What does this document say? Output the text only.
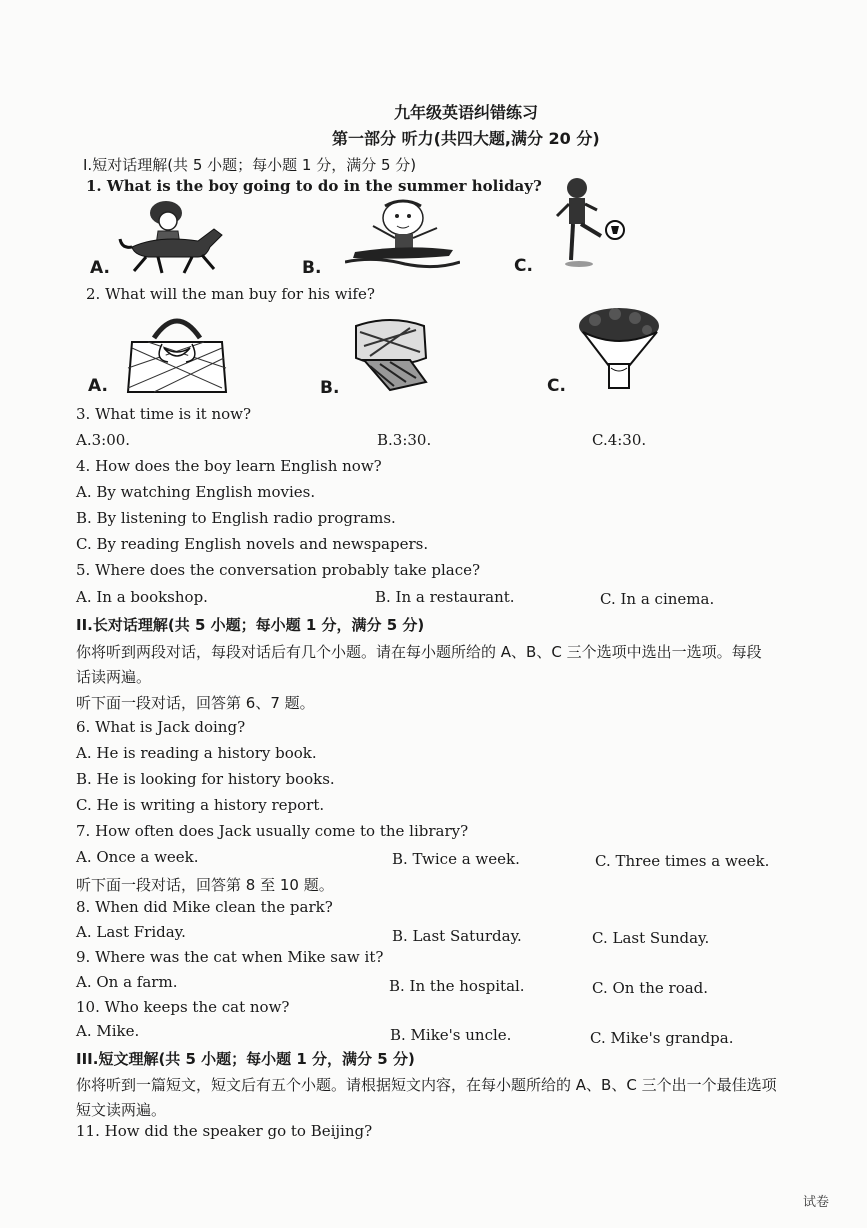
九年级英语纠错练习
第一部分 听力(共四大题,满分 20 分)
I.短对话理解(共 5 小题；每小题 1 分，满分 5 分)
1. What is the boy going to do in the summer holiday?
A.	B.	C.
2. What will the man buy for his wife?
A.	B.	C.
3. What time is it now?
A.3:00.	B.3:30.	C.4:30.
4. How does the boy learn English now?
A. By watching English movies.
B. By listening to English radio programs.
C. By reading English novels and newspapers.
5. Where does the conversation probably take place?
A. In a bookshop.	B. In a restaurant.	C. In a cinema.
II.长对话理解(共 5 小题；每小题 1 分，满分 5 分)
你将听到两段对话，每段对话后有几个小题。请在每小题所给的 A、B、C 三个选项中选出一选项。每段
话读两遍。
听下面一段对话，回答第 6、7 题。
6. What is Jack doing?
A. He is reading a history book.
B. He is looking for history books.
C. He is writing a history report.
7. How often does Jack usually come to the library?
A. Once a week.	B. Twice a week.	C. Three times a week.
听下面一段对话，回答第 8 至 10 题。
8. When did Mike clean the park?
A. Last Friday.	B. Last Saturday.	C. Last Sunday.
9. Where was the cat when Mike saw it?
A. On a farm.	B. In the hospital.	C. On the road.
10. Who keeps the cat now?
A. Mike.	B. Mike's uncle.	C. Mike's grandpa.
III.短文理解(共 5 小题；每小题 1 分，满分 5 分)
你将听到一篇短文，短文后有五个小题。请根据短文内容，在每小题所给的 A、B、C 三个出一个最佳选项
短文读两遍。
11. How did the speaker go to Beijing?
试卷
